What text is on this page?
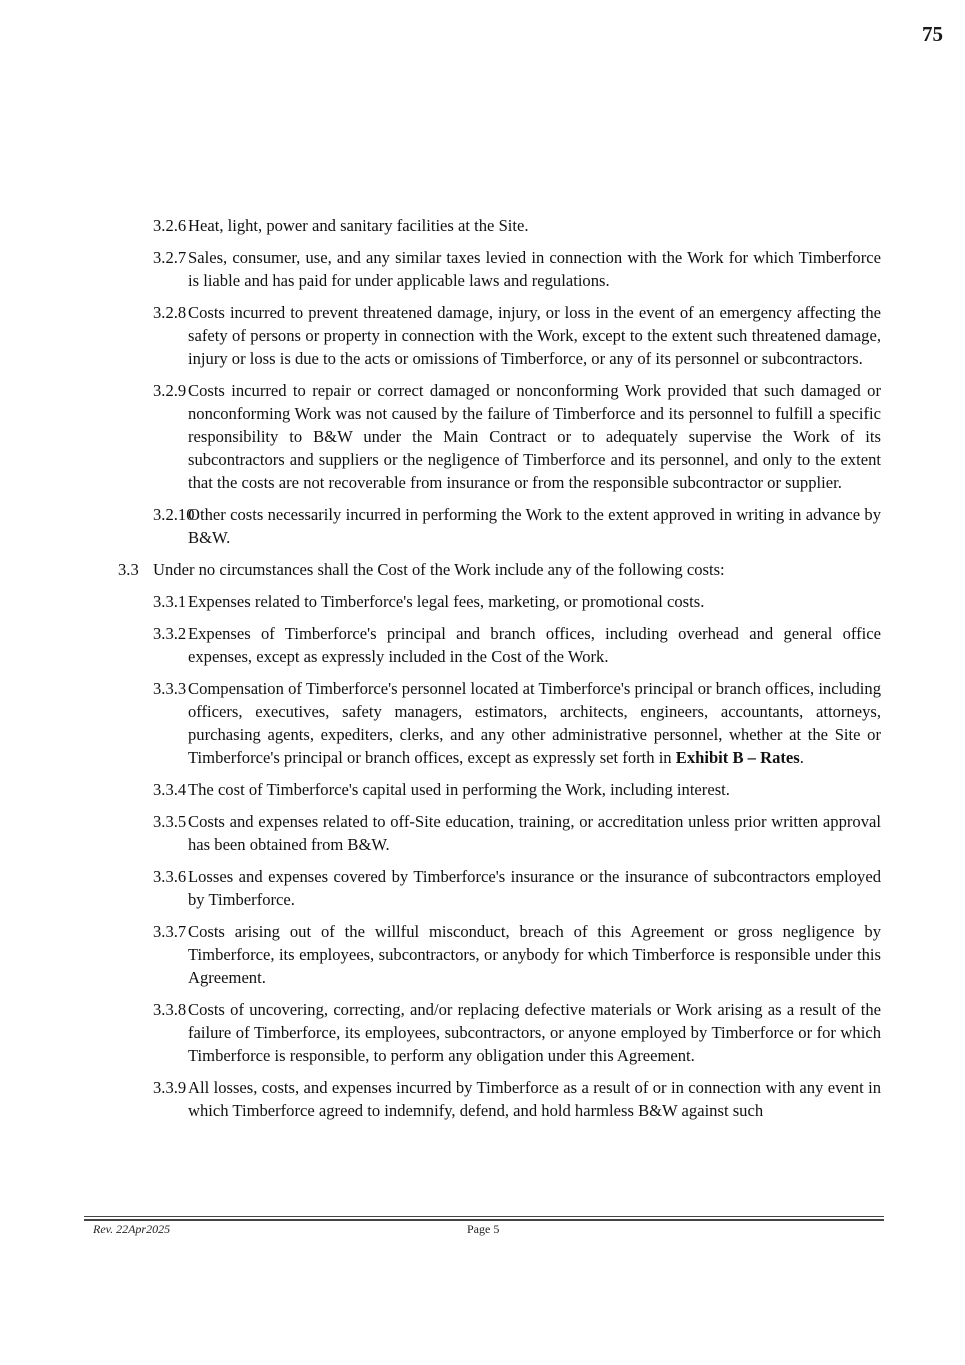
75

3.2.6 Heat, light, power and sanitary facilities at the Site.

3.2.7 Sales, consumer, use, and any similar taxes levied in connection with the Work for which Timberforce is liable and has paid for under applicable laws and regulations.

3.2.8 Costs incurred to prevent threatened damage, injury, or loss in the event of an emergency affecting the safety of persons or property in connection with the Work, except to the extent such threatened damage, injury or loss is due to the acts or omissions of Timberforce, or any of its personnel or subcontractors.

3.2.9 Costs incurred to repair or correct damaged or nonconforming Work provided that such damaged or nonconforming Work was not caused by the failure of Timberforce and its personnel to fulfill a specific responsibility to B&W under the Main Contract or to adequately supervise the Work of its subcontractors and suppliers or the negligence of Timberforce and its personnel, and only to the extent that the costs are not recoverable from insurance or from the responsible subcontractor or supplier.

3.2.10
Other costs necessarily incurred in performing the Work to the extent approved in writing in advance by B&W.

3.3 Under no circumstances shall the Cost of the Work include any of the following costs:

3.3.1 Expenses related to Timberforce's legal fees, marketing, or promotional costs.

3.3.2 Expenses of Timberforce's principal and branch offices, including overhead and general office expenses, except as expressly included in the Cost of the Work.

3.3.3 Compensation of Timberforce's personnel located at Timberforce's principal or branch offices, including officers, executives, safety managers, estimators, architects, engineers, accountants, attorneys, purchasing agents, expediters, clerks, and any other administrative personnel, whether at the Site or Timberforce's principal or branch offices, except as expressly set forth in Exhibit B – Rates.

3.3.4 The cost of Timberforce's capital used in performing the Work, including interest.

3.3.5 Costs and expenses related to off-Site education, training, or accreditation unless prior written approval has been obtained from B&W.

3.3.6 Losses and expenses covered by Timberforce's insurance or the insurance of subcontractors employed by Timberforce.

3.3.7 Costs arising out of the willful misconduct, breach of this Agreement or gross negligence by Timberforce, its employees, subcontractors, or anybody for which Timberforce is responsible under this Agreement.

3.3.8 Costs of uncovering, correcting, and/or replacing defective materials or Work arising as a result of the failure of Timberforce, its employees, subcontractors, or anyone employed by Timberforce or for which Timberforce is responsible, to perform any obligation under this Agreement.

3.3.9 All losses, costs, and expenses incurred by Timberforce as a result of or in connection with any event in which Timberforce agreed to indemnify, defend, and hold harmless B&W against such

Rev. 22Apr2025	Page 5
